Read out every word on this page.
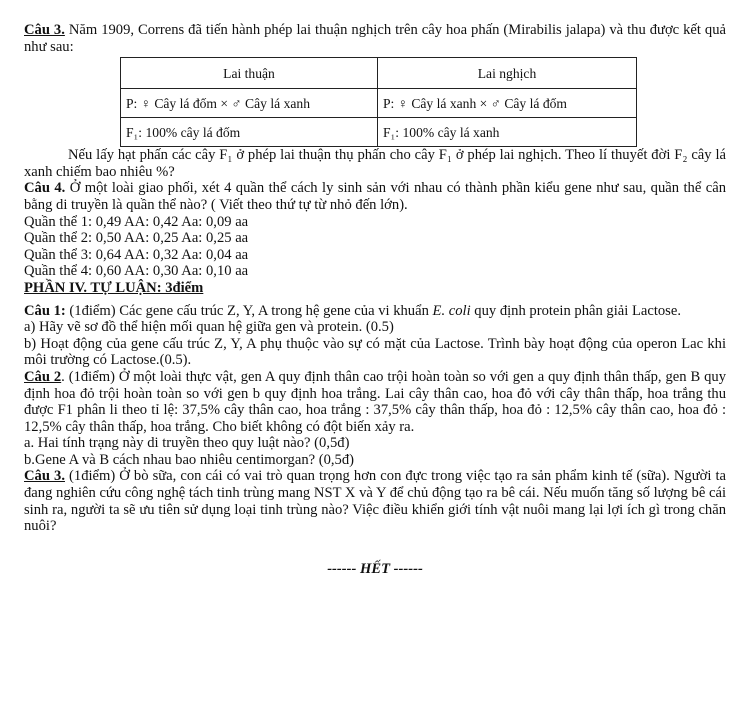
Câu 3. Năm 1909, Correns đã tiến hành phép lai thuận nghịch trên cây hoa phấn (Mirabilis jalapa) và thu được kết quả như sau:

Lai thuận	Lai nghịch
P: ♀ Cây lá đốm × ♂ Cây lá xanh	P: ♀ Cây lá xanh × ♂ Cây lá đốm
F₁: 100% cây lá đốm	F₁: 100% cây lá xanh

Nếu lấy hạt phấn các cây F₁ ở phép lai thuận thụ phấn cho cây F₁ ở phép lai nghịch. Theo lí thuyết đời F₂ cây lá xanh chiếm bao nhiêu %?

Câu 4. Ở một loài giao phối, xét 4 quần thể cách ly sinh sản với nhau có thành phần kiểu gene như sau, quần thể cân bằng di truyền là quần thể nào? ( Viết theo thứ tự từ nhỏ đến lớn).

Quần thể 1: 0,49 AA: 0,42 Aa: 0,09 aa

Quần thể 2: 0,50 AA: 0,25 Aa: 0,25 aa

Quần thể 3: 0,64 AA: 0,32 Aa: 0,04 aa

Quần thể 4: 0,60 AA: 0,30 Aa: 0,10 aa

PHẦN IV. TỰ LUẬN: 3điểm

Câu 1: (1điểm) Các gene cấu trúc Z, Y, A trong hệ gene của vi khuẩn E. coli quy định protein phân giải Lactose.

a) Hãy vẽ sơ đồ thể hiện mối quan hệ giữa gen và protein. (0.5)

b) Hoạt động của gene cấu trúc Z, Y, A phụ thuộc vào sự có mặt của Lactose. Trình bày hoạt động của operon Lac khi môi trường có Lactose.(0.5).

Câu 2. (1điểm) Ở một loài thực vật, gen A quy định thân cao trội hoàn toàn so với gen a quy định thân thấp, gen B quy định hoa đỏ trội hoàn toàn so với gen b quy định hoa trắng. Lai cây thân cao, hoa đỏ với cây thân thấp, hoa trắng thu được F1 phân li theo tỉ lệ: 37,5% cây thân cao, hoa trắng : 37,5% cây thân thấp, hoa đỏ : 12,5% cây thân cao, hoa đỏ : 12,5% cây thân thấp, hoa trắng. Cho biết không có đột biến xảy ra.

a. Hai tính trạng này di truyền theo quy luật nào? (0,5đ)

b.Gene A và B cách nhau bao nhiêu centimorgan? (0,5đ)

Câu 3. (1điểm) Ở bò sữa, con cái có vai trò quan trọng hơn con đực trong việc tạo ra sản phẩm kinh tế (sữa). Người ta đang nghiên cứu công nghệ tách tinh trùng mang NST X và Y để chủ động tạo ra bê cái. Nếu muốn tăng số lượng bê cái sinh ra, người ta sẽ ưu tiên sử dụng loại tinh trùng nào? Việc điều khiển giới tính vật nuôi mang lại lợi ích gì trong chăn nuôi?

------ HẾT ------
